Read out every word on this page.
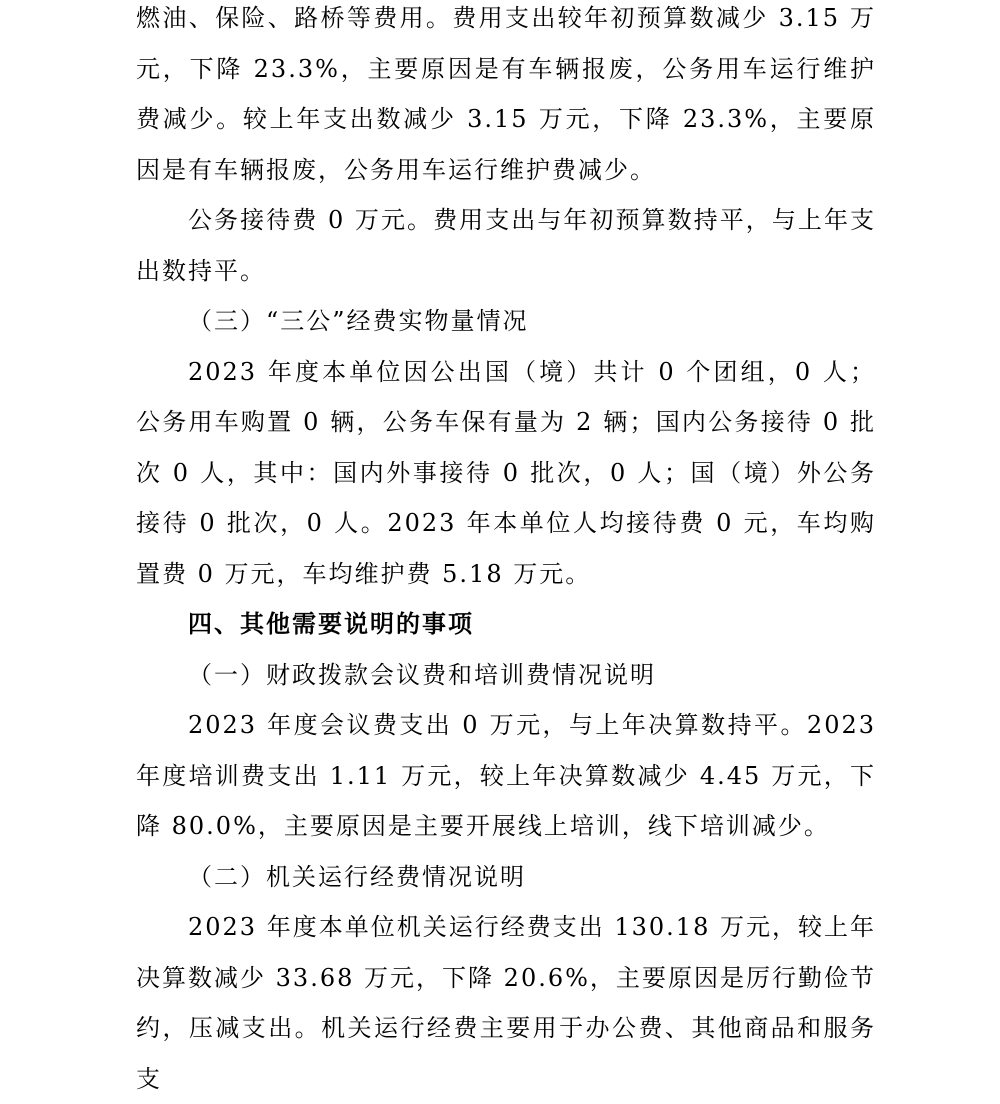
燃油、保险、路桥等费用。费用支出较年初预算数减少 3.15 万元，下降 23.3%，主要原因是有车辆报废，公务用车运行维护费减少。较上年支出数减少 3.15 万元，下降 23.3%，主要原因是有车辆报废，公务用车运行维护费减少。

公务接待费 0 万元。费用支出与年初预算数持平，与上年支出数持平。

（三）“三公”经费实物量情况

2023 年度本单位因公出国（境）共计 0 个团组，0 人；公务用车购置 0 辆，公务车保有量为 2 辆；国内公务接待 0 批次 0 人，其中：国内外事接待 0 批次，0 人；国（境）外公务接待 0 批次，0 人。2023 年本单位人均接待费 0 元，车均购置费 0 万元，车均维护费 5.18 万元。

四、其他需要说明的事项

（一）财政拨款会议费和培训费情况说明

2023 年度会议费支出 0 万元，与上年决算数持平。2023 年度培训费支出 1.11 万元，较上年决算数减少 4.45 万元，下降 80.0%，主要原因是主要开展线上培训，线下培训减少。

（二）机关运行经费情况说明

2023 年度本单位机关运行经费支出 130.18 万元，较上年决算数减少 33.68 万元，下降 20.6%，主要原因是厉行勤俭节约，压减支出。机关运行经费主要用于办公费、其他商品和服务支
